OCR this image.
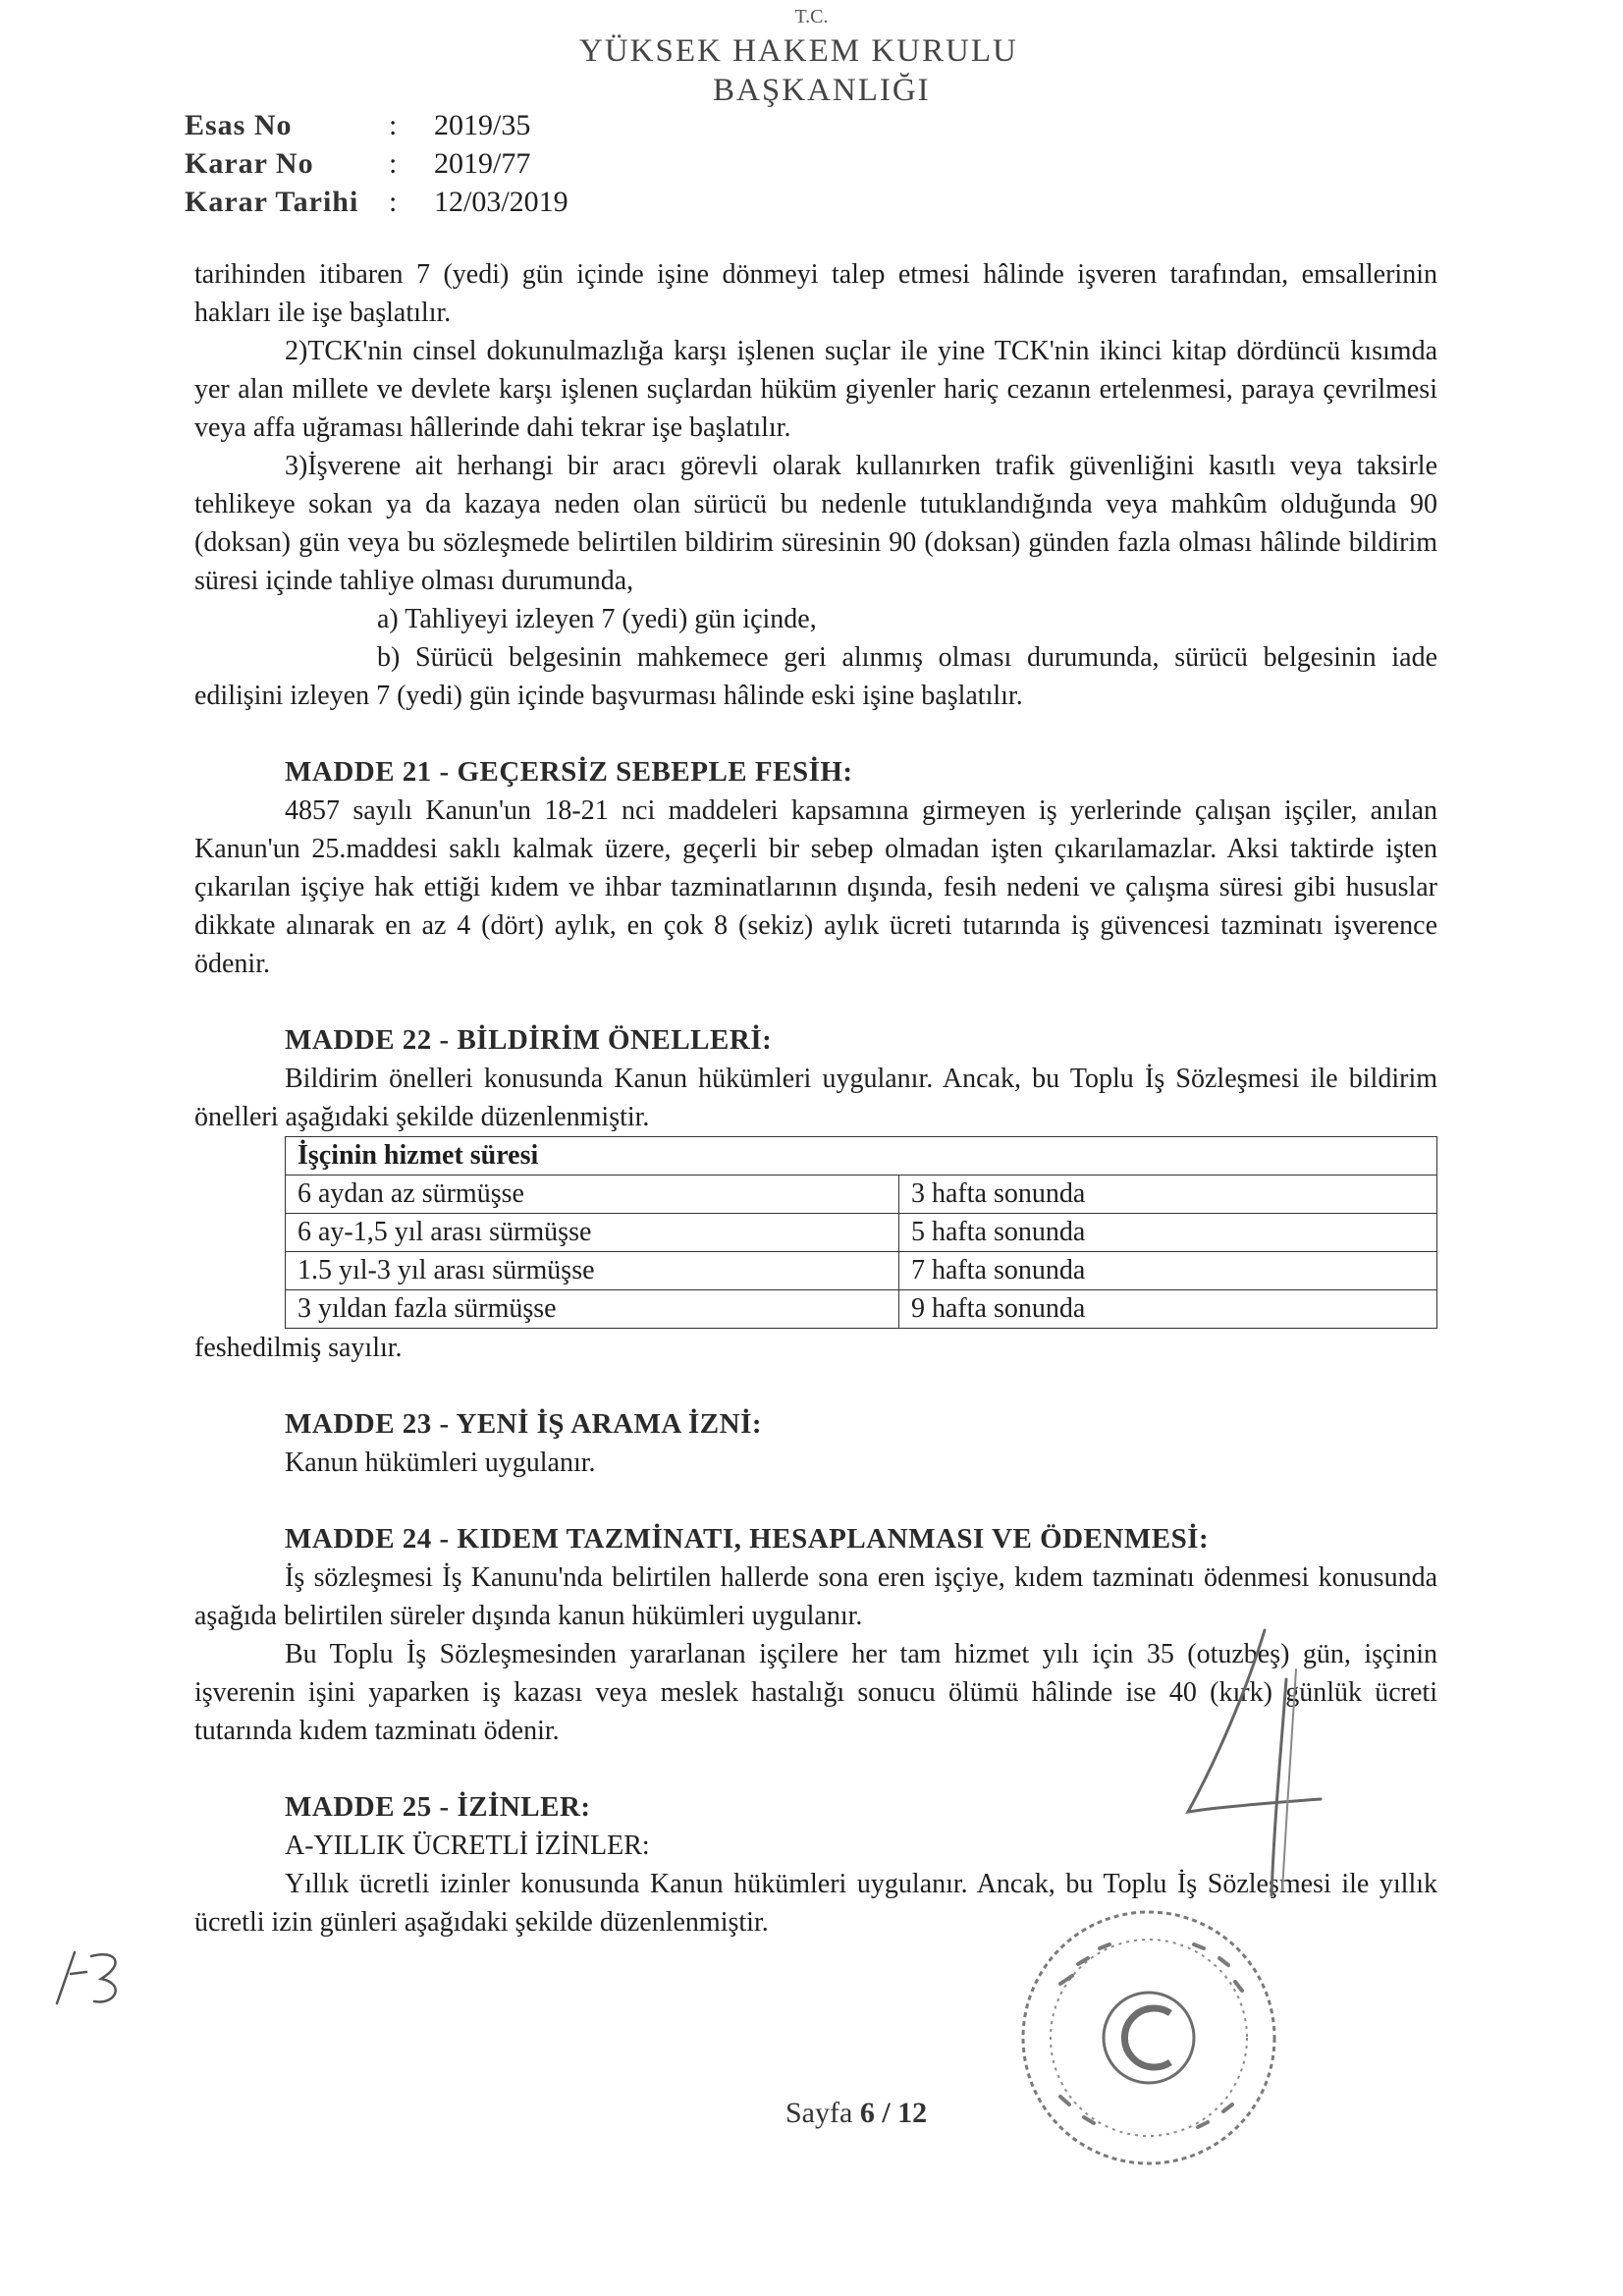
T.C.
YÜKSEK HAKEM KURULU
BAŞKANLIĞI
Esas No	: 2019/35
Karar No	: 2019/77
Karar Tarihi : 12/03/2019

tarihinden itibaren 7 (yedi) gün içinde işine dönmeyi talep etmesi hâlinde işveren tarafından, emsallerinin hakları ile işe başlatılır.

2)TCK'nin cinsel dokunulmazlığa karşı işlenen suçlar ile yine TCK'nin ikinci kitap dördüncü kısımda yer alan millete ve devlete karşı işlenen suçlardan hüküm giyenler hariç cezanın ertelenmesi, paraya çevrilmesi veya affa uğraması hâllerinde dahi tekrar işe başlatılır.

3)İşverene ait herhangi bir aracı görevli olarak kullanırken trafik güvenliğini kasıtlı veya taksirle tehlikeye sokan ya da kazaya neden olan sürücü bu nedenle tutuklandığında veya mahkûm olduğunda 90 (doksan) gün veya bu sözleşmede belirtilen bildirim süresinin 90 (doksan) günden fazla olması hâlinde bildirim süresi içinde tahliye olması durumunda,

a) Tahliyeyi izleyen 7 (yedi) gün içinde,

b) Sürücü belgesinin mahkemece geri alınmış olması durumunda, sürücü belgesinin iade edilişini izleyen 7 (yedi) gün içinde başvurması hâlinde eski işine başlatılır.

MADDE 21 - GEÇERSİZ SEBEPLE FESİH:

4857 sayılı Kanun'un 18-21 nci maddeleri kapsamına girmeyen iş yerlerinde çalışan işçiler, anılan Kanun'un 25.maddesi saklı kalmak üzere, geçerli bir sebep olmadan işten çıkarılamazlar. Aksi taktirde işten çıkarılan işçiye hak ettiği kıdem ve ihbar tazminatlarının dışında, fesih nedeni ve çalışma süresi gibi hususlar dikkate alınarak en az 4 (dört) aylık, en çok 8 (sekiz) aylık ücreti tutarında iş güvencesi tazminatı işverence ödenir.

MADDE 22 - BİLDİRİM ÖNELLERİ:

Bildirim önelleri konusunda Kanun hükümleri uygulanır. Ancak, bu Toplu İş Sözleşmesi ile bildirim önelleri aşağıdaki şekilde düzenlenmiştir.

İşçinin hizmet süresi	
6 aydan az sürmüşse	3 hafta sonunda
6 ay-1,5 yıl arası sürmüşse	5 hafta sonunda
1.5 yıl-3 yıl arası sürmüşse	7 hafta sonunda
3 yıldan fazla sürmüşse	9 hafta sonunda

feshedilmiş sayılır.

MADDE 23 - YENİ İŞ ARAMA İZNİ:

Kanun hükümleri uygulanır.

MADDE 24 - KIDEM TAZMİNATI, HESAPLANMASI VE ÖDENMESİ:

İş sözleşmesi İş Kanunu'nda belirtilen hallerde sona eren işçiye, kıdem tazminatı ödenmesi konusunda aşağıda belirtilen süreler dışında kanun hükümleri uygulanır.

Bu Toplu İş Sözleşmesinden yararlanan işçilere her tam hizmet yılı için 35 (otuzbeş) gün, işçinin işverenin işini yaparken iş kazası veya meslek hastalığı sonucu ölümü hâlinde ise 40 (kırk) günlük ücreti tutarında kıdem tazminatı ödenir.

MADDE 25 - İZİNLER:

A-YILLIK ÜCRETLİ İZİNLER:

Yıllık ücretli izinler konusunda Kanun hükümleri uygulanır. Ancak, bu Toplu İş Sözleşmesi ile yıllık ücretli izin günleri aşağıdaki şekilde düzenlenmiştir.

Sayfa 6 / 12
